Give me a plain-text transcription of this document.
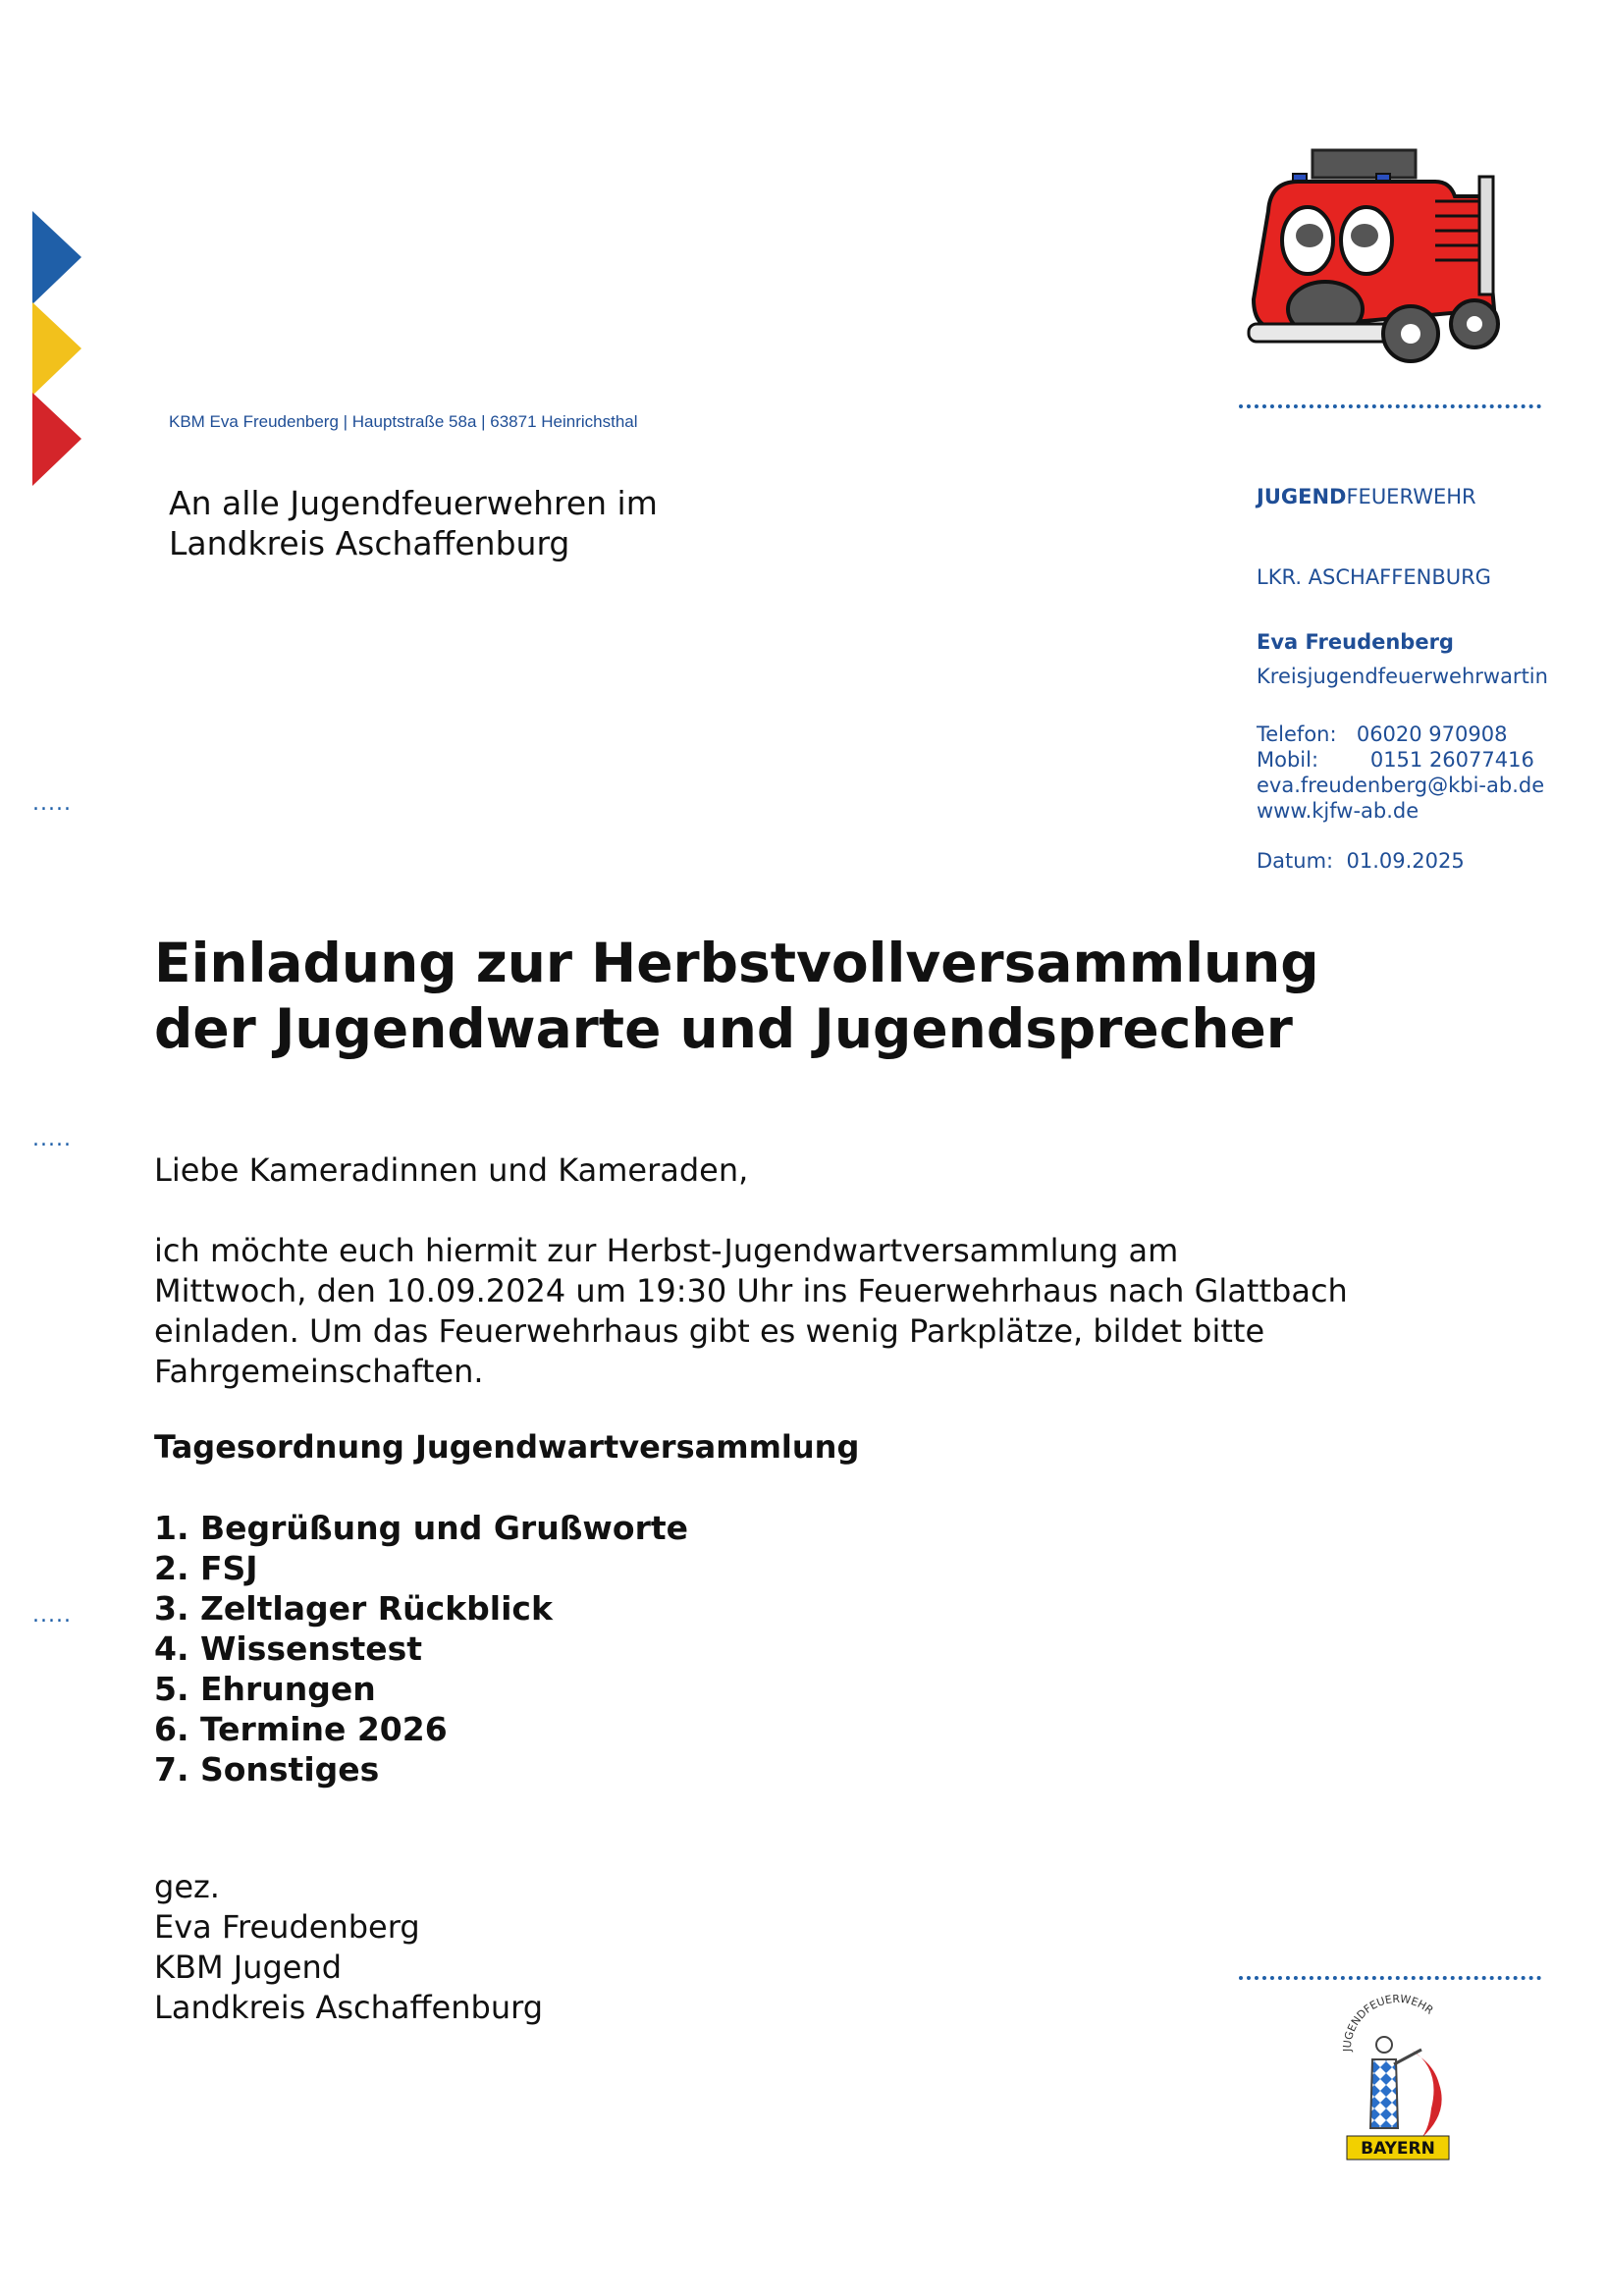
.....
.....
.....
KBM Eva Freudenberg | Hauptstraße 58a | 63871 Heinrichsthal
An alle Jugendfeuerwehren im
Landkreis Aschaffenburg
JUGENDFEUERWEHR
LKR. ASCHAFFENBURG
Eva Freudenberg
Kreisjugendfeuerwehrwartin
Telefon: 06020 970908
Mobil:	0151 26077416
eva.freudenberg@kbi-ab.de
www.kjfw-ab.de
Datum: 01.09.2025
Einladung zur Herbstvollversammlung
der Jugendwarte und Jugendsprecher
Liebe Kameradinnen und Kameraden,
ich möchte euch hiermit zur Herbst-Jugendwartversammlung am
Mittwoch, den 10.09.2024 um 19:30 Uhr ins Feuerwehrhaus nach Glattbach
einladen. Um das Feuerwehrhaus gibt es wenig Parkplätze, bildet bitte
Fahrgemeinschaften.
Tagesordnung Jugendwartversammlung
1. Begrüßung und Grußworte
2. FSJ
3. Zeltlager Rückblick
4. Wissenstest
5. Ehrungen
6. Termine 2026
7. Sonstiges
gez.
Eva Freudenberg
KBM Jugend
Landkreis Aschaffenburg
JUGENDFEUERWEHR
BAYERN
